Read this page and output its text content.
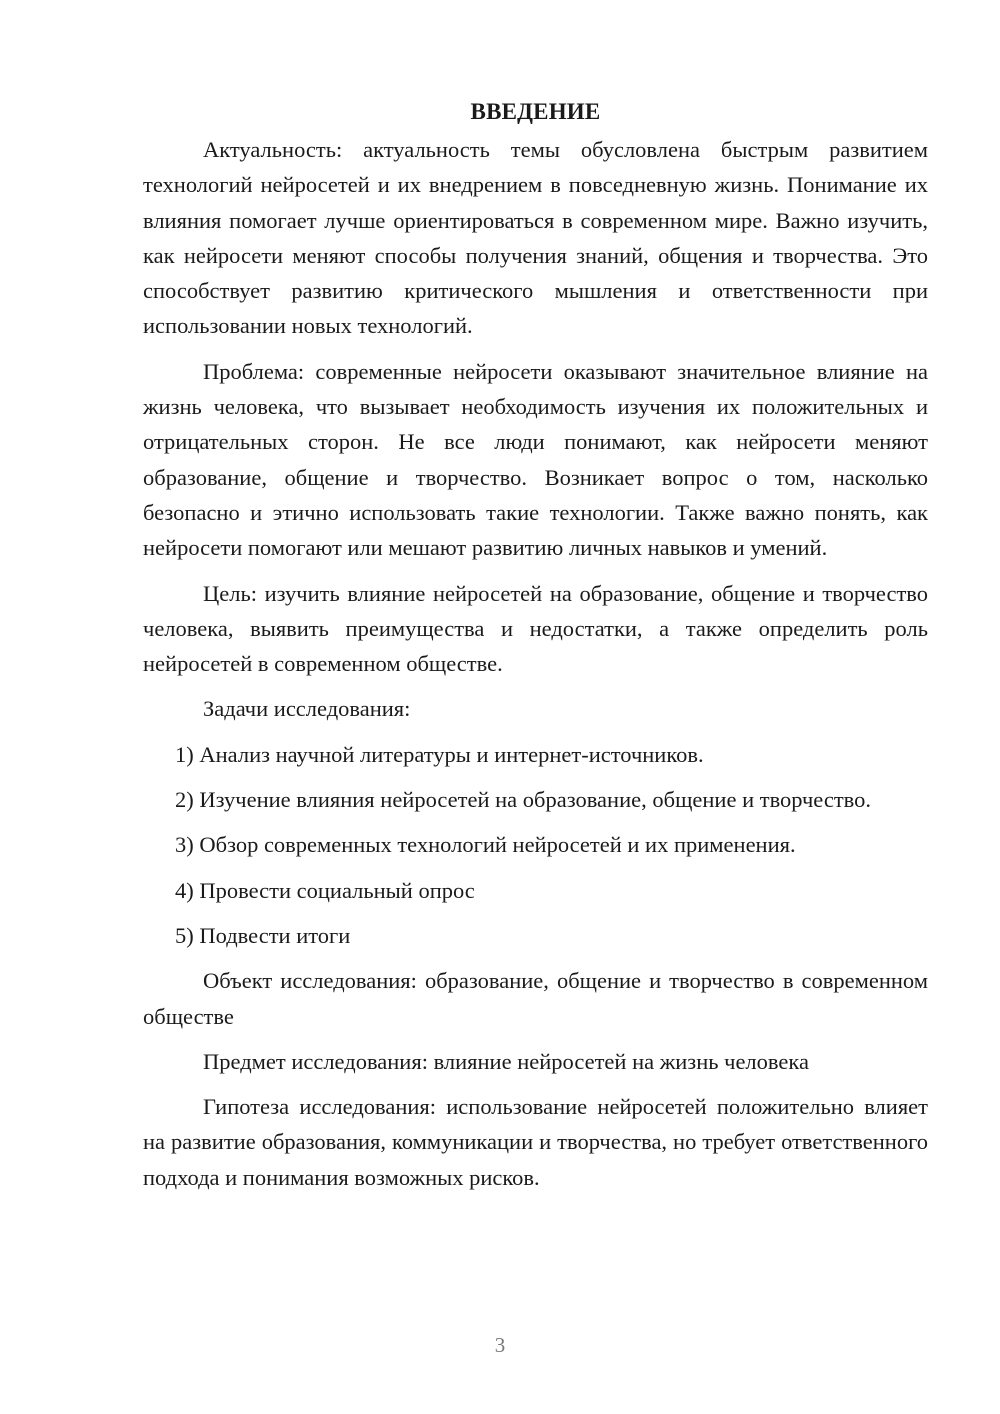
ВВЕДЕНИЕ

Актуальность: актуальность темы обусловлена быстрым развитием технологий нейросетей и их внедрением в повседневную жизнь. Понимание их влияния помогает лучше ориентироваться в современном мире. Важно изучить, как нейросети меняют способы получения знаний, общения и творчества. Это способствует развитию критического мышления и ответственности при использовании новых технологий.

Проблема: современные нейросети оказывают значительное влияние на жизнь человека, что вызывает необходимость изучения их положительных и отрицательных сторон. Не все люди понимают, как нейросети меняют образование, общение и творчество. Возникает вопрос о том, насколько безопасно и этично использовать такие технологии. Также важно понять, как нейросети помогают или мешают развитию личных навыков и умений.

Цель: изучить влияние нейросетей на образование, общение и творчество человека, выявить преимущества и недостатки, а также определить роль нейросетей в современном обществе.

Задачи исследования:

1) Анализ научной литературы и интернет-источников.

2) Изучение влияния нейросетей на образование, общение и творчество.

3) Обзор современных технологий нейросетей и их применения.

4) Провести социальный опрос

5) Подвести итоги

Объект исследования: образование, общение и творчество в современном обществе

Предмет исследования: влияние нейросетей на жизнь человека

Гипотеза исследования: использование нейросетей положительно влияет на развитие образования, коммуникации и творчества, но требует ответственного подхода и понимания возможных рисков.

3
